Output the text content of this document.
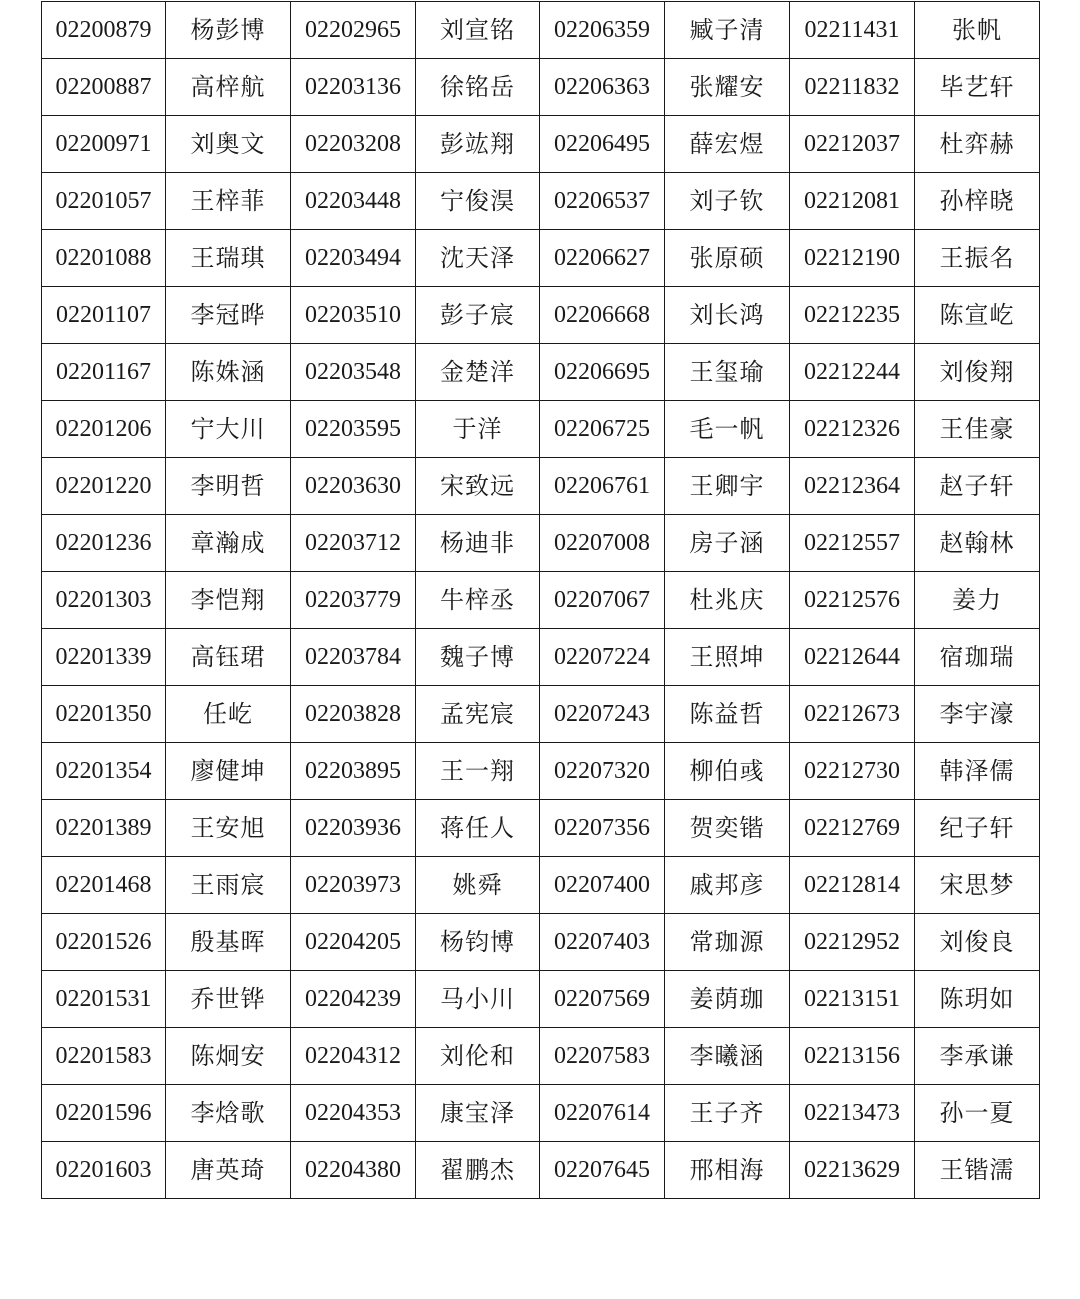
02200879	杨彭博	02202965	刘宣铭	02206359	臧子清	02211431	张帆
02200887	高梓航	02203136	徐铭岳	02206363	张耀安	02211832	毕艺轩
02200971	刘奥文	02203208	彭竑翔	02206495	薛宏煜	02212037	杜弈赫
02201057	王梓菲	02203448	宁俊淏	02206537	刘子钦	02212081	孙梓晓
02201088	王瑞琪	02203494	沈天泽	02206627	张原硕	02212190	王振名
02201107	李冠晔	02203510	彭子宸	02206668	刘长鸿	02212235	陈宣屹
02201167	陈姝涵	02203548	金楚洋	02206695	王玺瑜	02212244	刘俊翔
02201206	宁大川	02203595	于洋	02206725	毛一帆	02212326	王佳豪
02201220	李明哲	02203630	宋致远	02206761	王卿宇	02212364	赵子轩
02201236	章瀚成	02203712	杨迪非	02207008	房子涵	02212557	赵翰林
02201303	李恺翔	02203779	牛梓丞	02207067	杜兆庆	02212576	姜力
02201339	高钰珺	02203784	魏子博	02207224	王照坤	02212644	宿珈瑞
02201350	任屹	02203828	孟宪宸	02207243	陈益哲	02212673	李宇濠
02201354	廖健坤	02203895	王一翔	02207320	柳伯彧	02212730	韩泽儒
02201389	王安旭	02203936	蒋任人	02207356	贺奕锴	02212769	纪子轩
02201468	王雨宸	02203973	姚舜	02207400	戚邦彦	02212814	宋思梦
02201526	殷基晖	02204205	杨钧博	02207403	常珈源	02212952	刘俊良
02201531	乔世铧	02204239	马小川	02207569	姜荫珈	02213151	陈玥如
02201583	陈炯安	02204312	刘伦和	02207583	李曦涵	02213156	李承谦
02201596	李焓歌	02204353	康宝泽	02207614	王子齐	02213473	孙一夏
02201603	唐英琦	02204380	翟鹏杰	02207645	邢相海	02213629	王锴濡
